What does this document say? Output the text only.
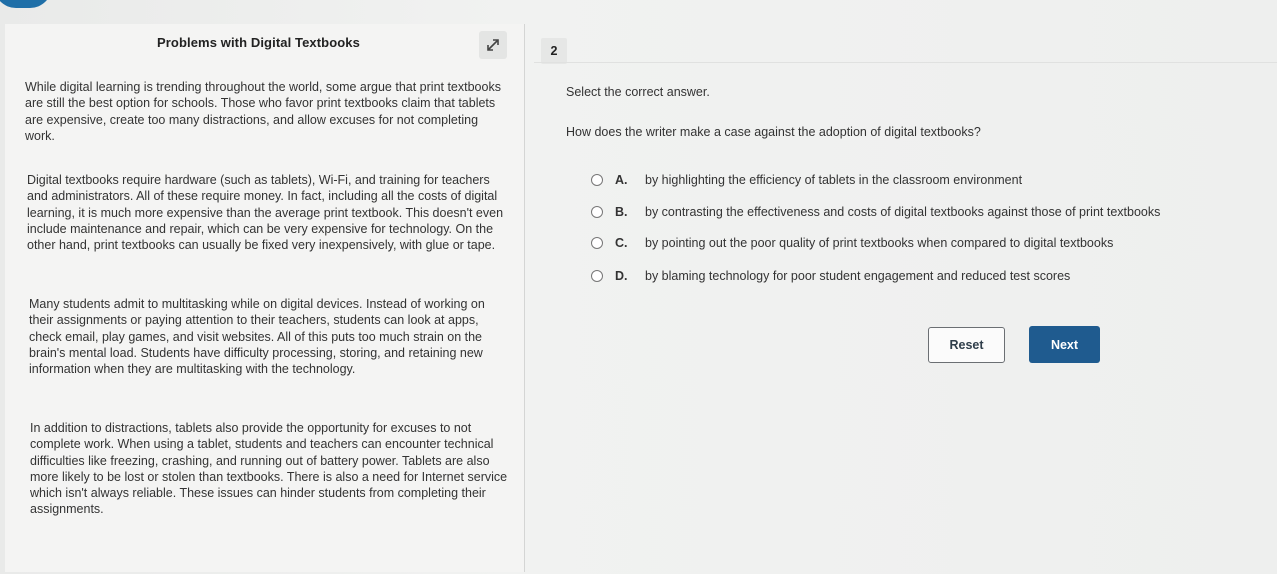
Problems with Digital Textbooks

While digital learning is trending throughout the world, some argue that print textbooks are still the best option for schools. Those who favor print textbooks claim that tablets are expensive, create too many distractions, and allow excuses for not completing work.

Digital textbooks require hardware (such as tablets), Wi-Fi, and training for teachers and administrators. All of these require money. In fact, including all the costs of digital learning, it is much more expensive than the average print textbook. This doesn't even include maintenance and repair, which can be very expensive for technology. On the other hand, print textbooks can usually be fixed very inexpensively, with glue or tape.

Many students admit to multitasking while on digital devices. Instead of working on their assignments or paying attention to their teachers, students can look at apps, check email, play games, and visit websites. All of this puts too much strain on the brain's mental load. Students have difficulty processing, storing, and retaining new information when they are multitasking with the technology.

In addition to distractions, tablets also provide the opportunity for excuses to not complete work. When using a tablet, students and teachers can encounter technical difficulties like freezing, crashing, and running out of battery power. Tablets are also more likely to be lost or stolen than textbooks. There is also a need for Internet service which isn't always reliable. These issues can hinder students from completing their assignments.

2
Select the correct answer.
How does the writer make a case against the adoption of digital textbooks?
A.	by highlighting the efficiency of tablets in the classroom environment
B.	by contrasting the effectiveness and costs of digital textbooks against those of print textbooks
C.	by pointing out the poor quality of print textbooks when compared to digital textbooks
D.	by blaming technology for poor student engagement and reduced test scores
Reset	Next
